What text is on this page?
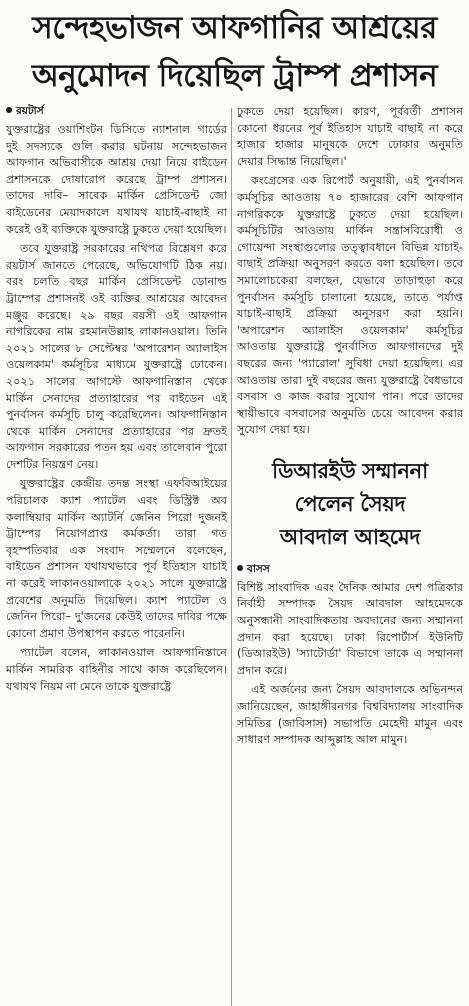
সন্দেহভাজন আফগানির আশ্রয়ের
অনুমোদন দিয়েছিল ট্রাম্প প্রশাসন
রয়টার্স

যুক্তরাষ্ট্রের ওয়াশিংটন ডিসিতে ন্যাশনাল গার্ডের দুই সদস্যকে গুলি করার ঘটনায় সন্দেহভাজন আফগান অভিবাসীকে আশ্রয় দেয়া নিয়ে বাইডেন প্রশাসনকে দোষারোপ করেছে ট্রাম্প প্রশাসন। তাদের দাবি– সাবেক মার্কিন প্রেসিডেন্ট জো বাইডেনের মেয়াদকালে যথাযথ যাচাই-বাছাই না করেই ওই ব্যক্তিকে যুক্তরাষ্ট্রে ঢুকতে দেয়া হয়েছিল।

তবে যুক্তরাষ্ট্র সরকারের নথিপত্র বিশ্লেষণ করে রয়টার্স জানতে পেরেছে, অভিযোগটি ঠিক নয়। বরং চলতি বছর মার্কিন প্রেসিডেন্ট ডোনাল্ড ট্রাম্পের প্রশাসনই ওই ব্যক্তির আশ্রয়ের আবেদন মঞ্জুর করেছে। ২৯ বছর বয়সী ওই আফগান নাগরিকের নাম রহমানউল্লাহ লাকানওয়াল। তিনি ২০২১ সালের ৮ সেপ্টেম্বর 'অপারেশন অ্যালাইস ওয়েলকাম' কর্মসূচির মাধ্যমে যুক্তরাষ্ট্রে ঢোকেন। ২০২১ সালের আগস্টে আফগানিস্তান থেকে মার্কিন সেনাদের প্রত্যাহারের পর বাইডেন এই পুনর্বাসন কর্মসূচি চালু করেছিলেন। আফগানিস্তান থেকে মার্কিন সেনাদের প্রত্যাহারের পর দ্রুতই আফগান সরকারের পতন হয় এবং তালেবান পুরো দেশটির নিয়ন্ত্রণ নেয়।

যুক্তরাষ্ট্রের কেন্দ্রীয় তদন্ত সংস্থা এফবিআইয়ের পরিচালক ক্যাশ প্যাটেল এবং ডিস্ট্রিক্ট অব কলাম্বিয়ার মার্কিন অ্যাটর্নি জেনিন পিরো দুজনই ট্রাম্পের নিয়োগপ্রাপ্ত কর্মকর্তা। তারা গত বৃহস্পতিবার এক সংবাদ সম্মেলনে বলেছেন, বাইডেন প্রশাসন যথাযথভাবে পূর্ব ইতিহাস যাচাই না করেই লাকানওয়ালাকে ২০২১ সালে যুক্তরাষ্ট্রে প্রবেশের অনুমতি দিয়েছিল। ক্যাশ প্যাটেল ও জেনিন পিরো– দু'জনের কেউই তাদের দাবির পক্ষে কোনো প্রমাণ উপস্থাপন করতে পারেননি।

প্যাটেল বলেন, লাকানওয়াল আফগানিস্তানে মার্কিন সামরিক বাহিনীর সাথে কাজ করেছিলেন। যথাযথ নিয়ম না মেনে তাকে যুক্তরাষ্ট্রে

ঢুকতে দেয়া হয়েছিল। কারণ, পূর্ববর্তী প্রশাসন কোনো ধরনের পূর্ব ইতিহাস যাচাই বাছাই না করে হাজার হাজার মানুষকে দেশে ঢোকার অনুমতি দেয়ার সিদ্ধান্ত নিয়েছিল।'

কংগ্রেসের এক রিপোর্ট অনুযায়ী, এই পুনর্বাসন কর্মসূচির আওতায় ৭০ হাজারের বেশি আফগান নাগরিককে যুক্তরাষ্ট্রে ঢুকতে দেয়া হয়েছিল। কর্মসূচিটির আওতায় মার্কিন সন্ত্রাসবিরোধী ও গোয়েন্দা সংস্থাগুলোর তত্ত্বাবধানে বিভিন্ন যাচাই-বাছাই প্রক্রিয়া অনুসরণ করতে বলা হয়েছিল। তবে সমালোচকেরা বলছেন, যেভাবে তাড়াহুড়া করে পুনর্বাসন কর্মসূচি চালানো হয়েছে, তাতে পর্যাপ্ত যাচাই-বাছাই প্রক্রিয়া অনুসরণ করা হয়নি। 'অপারেশন অ্যালাইস ওয়েলকাম' কর্মসূচির আওতায় যুক্তরাষ্ট্রে পুনর্বাসিত আফগানদের দুই বছরের জন্য 'প্যারোল' সুবিধা দেয়া হয়েছিল। এর আওতায় তারা দুই বছরের জন্য যুক্তরাষ্ট্রে বৈধভাবে বসবাস ও কাজ করার সুযোগ পান। পরে তাদের স্থায়ীভাবে বসবাসের অনুমতি চেয়ে আবেদন করার সুযোগ দেয়া হয়।

ডিআরইউ সম্মাননা
পেলেন সৈয়দ
আবদাল আহমেদ
বাসস

বিশিষ্ট সাংবাদিক এবং দৈনিক আমার দেশ পত্রিকার নির্বাহী সম্পাদক সৈয়দ আবদাল আহমেদকে অনুসন্ধানী সাংবাদিকতায় অবদানের জন্য সম্মাননা প্রদান করা হয়েছে। ঢাকা রিপোর্টার্স ইউনিটি (ডিআরইউ) 'স্যাটোর্ডা' বিভাগে তাকে এ সম্মাননা প্রদান করে।

এই অর্জনের জন্য সৈয়দ আবদালকে অভিনন্দন জানিয়েছেন, জাহাঙ্গীরনগর বিশ্ববিদ্যালয় সাংবাদিক সমিতির (জাবিসাস) সভাপতি মেহেদী মামুন এবং সাধারণ সম্পাদক আব্দুল্লাহ আল মামুন।
